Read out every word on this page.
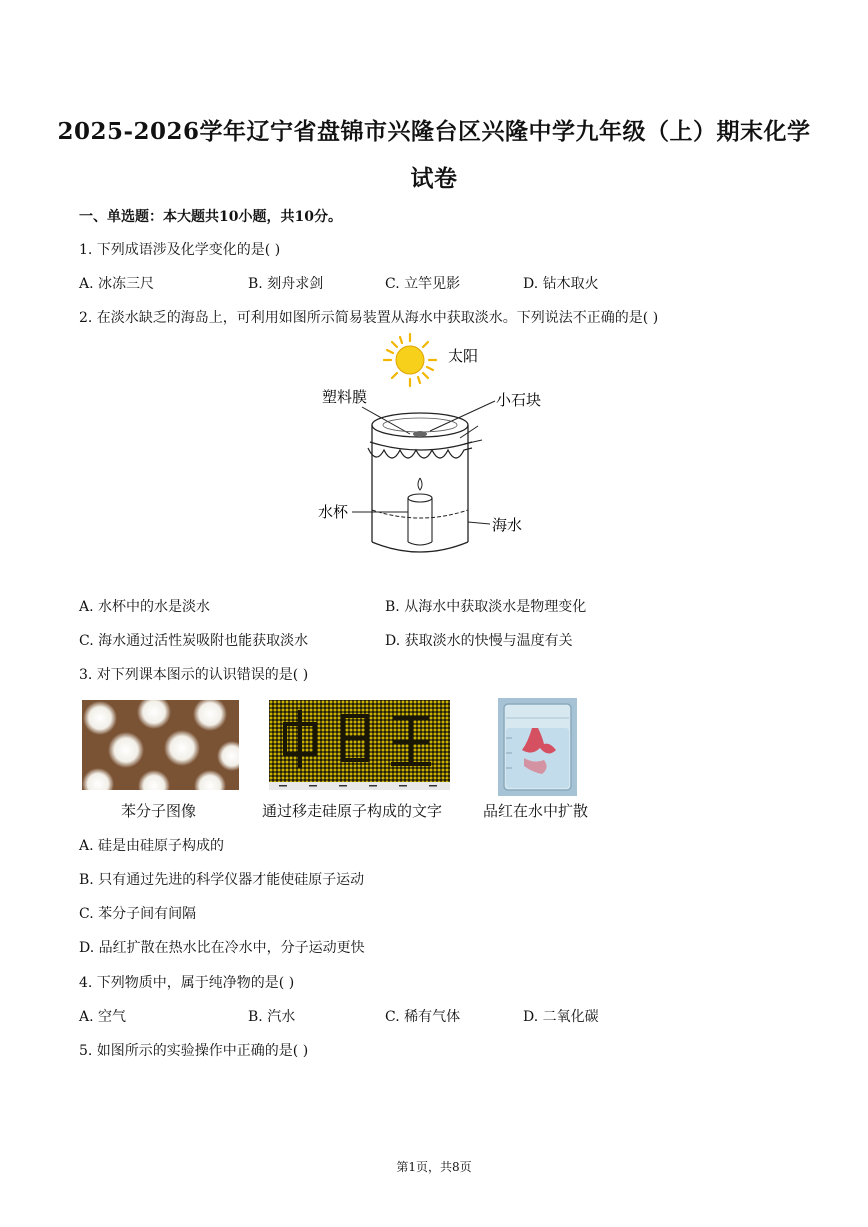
2025-2026学年辽宁省盘锦市兴隆台区兴隆中学九年级（上）期末化学
试卷
一、单选题：本大题共10小题，共10分。
1. 下列成语涉及化学变化的是( )
A. 冰冻三尺	B. 刻舟求剑	C. 立竿见影	D. 钻木取火
2. 在淡水缺乏的海岛上，可利用如图所示简易装置从海水中获取淡水。下列说法不正确的是( )
太阳
塑料膜	小石块
水杯
海水
A. 水杯中的水是淡水	B. 从海水中获取淡水是物理变化
C. 海水通过活性炭吸附也能获取淡水	D. 获取淡水的快慢与温度有关
3. 对下列课本图示的认识错误的是( )
苯分子图像	通过移走硅原子构成的文字	品红在水中扩散
A. 硅是由硅原子构成的
B. 只有通过先进的科学仪器才能使硅原子运动
C. 苯分子间有间隔
D. 品红扩散在热水比在冷水中，分子运动更快
4. 下列物质中，属于纯净物的是( )
A. 空气	B. 汽水	C. 稀有气体	D. 二氧化碳
5. 如图所示的实验操作中正确的是( )
第1页，共8页
